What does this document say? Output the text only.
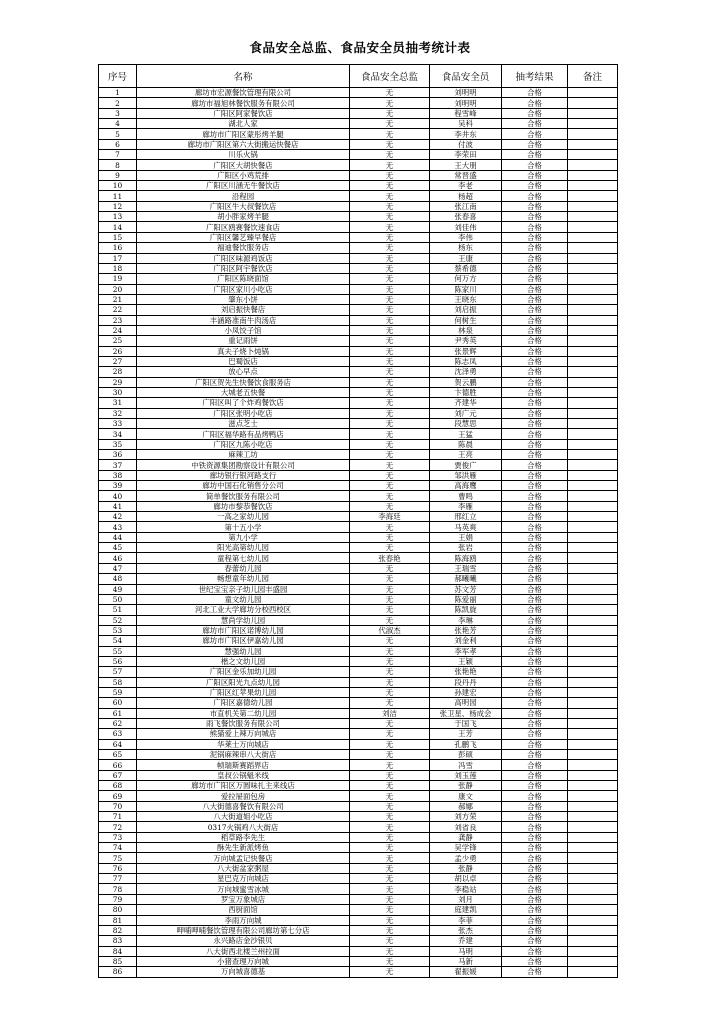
食品安全总监、食品安全员抽考统计表
序号	名称	食品安全总监	食品安全员	抽考结果	备注
1	廊坊市宏源餐饮管理有限公司	无	刘明明	合格	
2	廊坊市福旭林餐饮服务有限公司	无	刘明明	合格	
3	广阳区阿家餐饮店	无	程雪峰	合格	
4	湖北人家	无	吴科	合格	
5	廊坊市广阳区蒙彤烤羊腿	无	李井东	合格	
6	廊坊市广阳区第六大街搬运快餐店	无	付波	合格	
7	川乐火锅	无	李荣田	合格	
8	广阳区大胡快餐店	无	王大朋	合格	
9	广阳区小鸡荒排	无	常晋盛	合格	
10	广阳区川涵无牛餐饮店	无	李老	合格	
11	沿程园	无	杨超	合格	
12	广阳区牛大叔餐饮店	无	张江南	合格	
13	胡小胖家烤羊腿	无	张春喜	合格	
14	广阳区鸥赛餐饮速食店	无	刘佳伟	合格	
15	广阳区馨艺臻早餐店	无	李伟	合格	
16	福迪餐饮服务店	无	杨东	合格	
17	广阳区味源鸡饭店	无	王康	合格	
18	广阳区阿宇餐饮店	无	蔡希德	合格	
19	广阳区陈晓面馆	无	何万方	合格	
20	广阳区家川小吃店	无	陈家川	合格	
21	肇东小饼	无	王晓东	合格	
22	刘启振快餐店	无	刘启振	合格	
23	丰涵路准南牛肉汤店	无	何树生	合格	
24	小凤饺子馆	无	林泉	合格	
25	重记雨饼	无	尹秀英	合格	
26	真夫子烧卜炖锅	无	张景辉	合格	
27	巴蜀饭店	无	陈志凤	合格	
28	放心早点	无	沈泽勇	合格	
29	广阳区贺先生快餐饮食服务店	无	贺云鹏	合格	
30	大城老五快餐	无	卞德胜	合格	
31	广阳区叫了个炸鸡餐饮店	无	齐建华	合格	
32	广阳区张明小吃店	无	刘广元	合格	
33	滋点芝士	无	段慧思	合格	
34	广阳区福华路有品烤鸭店	无	王猛	合格	
35	广阳区九陈小吃店	无	陈晨	合格	
36	麻辣工坊	无	王亮	合格	
37	中铁资源集团勘察设计有限公司	无	贾俊广	合格	
38	廊坊银行银河路支行	无	邹洪雁	合格	
39	廊坊中国石化销售分公司	无	高海鹰	合格	
40	简单餐饮服务有限公司	无	曹鸣	合格	
41	廊坊市黎恭餐饮店	无	李雁	合格	
42	一高之家幼儿园	李海廷	邢红立	合格	
43	第十五小学	无	马英爽	合格	
44	第九小学	无	王娟	合格	
45	阳光高第幼儿园	无	张岩	合格	
46	童程第七幼儿园	张春艳	陈海鸥	合格	
47	春蕾幼儿园	无	王瑞雪	合格	
48	畅想童年幼儿园	无	郝曦曦	合格	
49	世纪宝宝亲子幼儿园丰盛园	无	苏文芳	合格	
50	童文幼儿园	无	陈爱丽	合格	
51	河北工业大学廊坊分校西校区	无	陈凯旋	合格	
52	慧尚学幼儿园	无	李琳	合格	
53	廊坊市广阳区诺博幼儿园	代淑杰	张艳芳	合格	
54	廊坊市广阳区伊嘉幼儿园	无	刘金利	合格	
55	慧强幼儿园	无	李军孝	合格	
56	楷之文幼儿园	无	王颖	合格	
57	广阳区金乐加幼儿园	无	张艳艳	合格	
58	广阳区阳光九点幼儿园	无	段丹丹	合格	
59	广阳区红苹果幼儿园	无	孙建宏	合格	
60	广阳区嘉德幼儿园	无	高明园	合格	
61	市直机关第二幼儿园	刘洁	张卫星、杨成会	合格	
62	雨飞餐饮服务有限公司	无	于国飞	合格	
63	熊猫爱上辣万向城店	无	王芳	合格	
64	华莱士万向城店	无	孔鹏飞	合格	
65	泥锅麻辣串八大街店	无	彭硕	合格	
66	帧瑞斯赛蹈界店	无	冯雪	合格	
67	皇叔公锅魁米线	无	刘玉莲	合格	
68	廊坊市广阳区万圆味扎主来线店	无	张静	合格	
69	爱拉屉面包房	无	康文	合格	
70	八大街德喜餐饮有限公司	无	郝娜	合格	
71	八大街道姐小吃店	无	刘方荣	合格	
72	0317火锅鸡八大街店	无	刘省良	合格	
73	稻草路李先生	无	龚静	合格	
74	酥先生新派烤鱼	无	吴学锋	合格	
75	万向城孟记快餐店	无	孟少勇	合格	
76	八大街盆家粥屋	无	张静	合格	
77	星巴克万向城店	无	胡以卓	合格	
78	万向城蜜雪冰城	无	李稳站	合格	
79	罗宝万象城店	无	刘月	合格	
80	西厨面馆	无	庭建凯	合格	
81	李雨万向城	无	李菲	合格	
82	呷哺呷哺餐饮管理有限公司廊坊第七分店	无	张杰	合格	
83	永兴路店金沙银贝	无	乔建	合格	
84	八大街西北楼兰州拉面	无	马明	合格	
85	小猪查理万向城	无	马新	合格	
86	万向城喜德基	无	翟振媛	合格	
